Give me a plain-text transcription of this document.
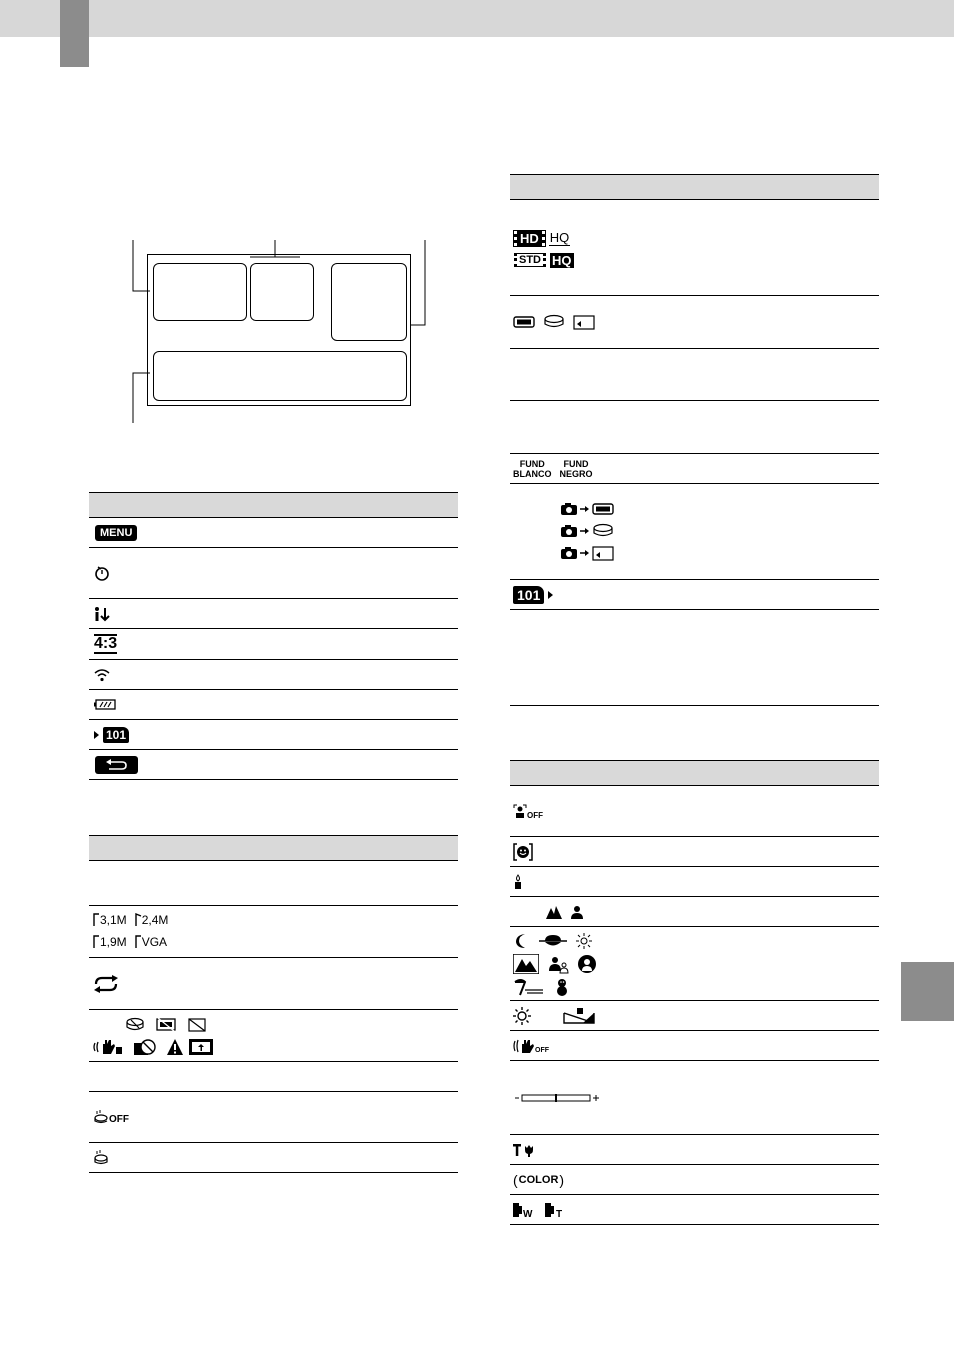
MENU
4:3
101
3,1M 2,4M
1,9M VGA
OFF
HD HQ
STD HQ
FUND
BLANCO
FUND
NEGRO
101
OFF
OFF
( COLOR )
W T
